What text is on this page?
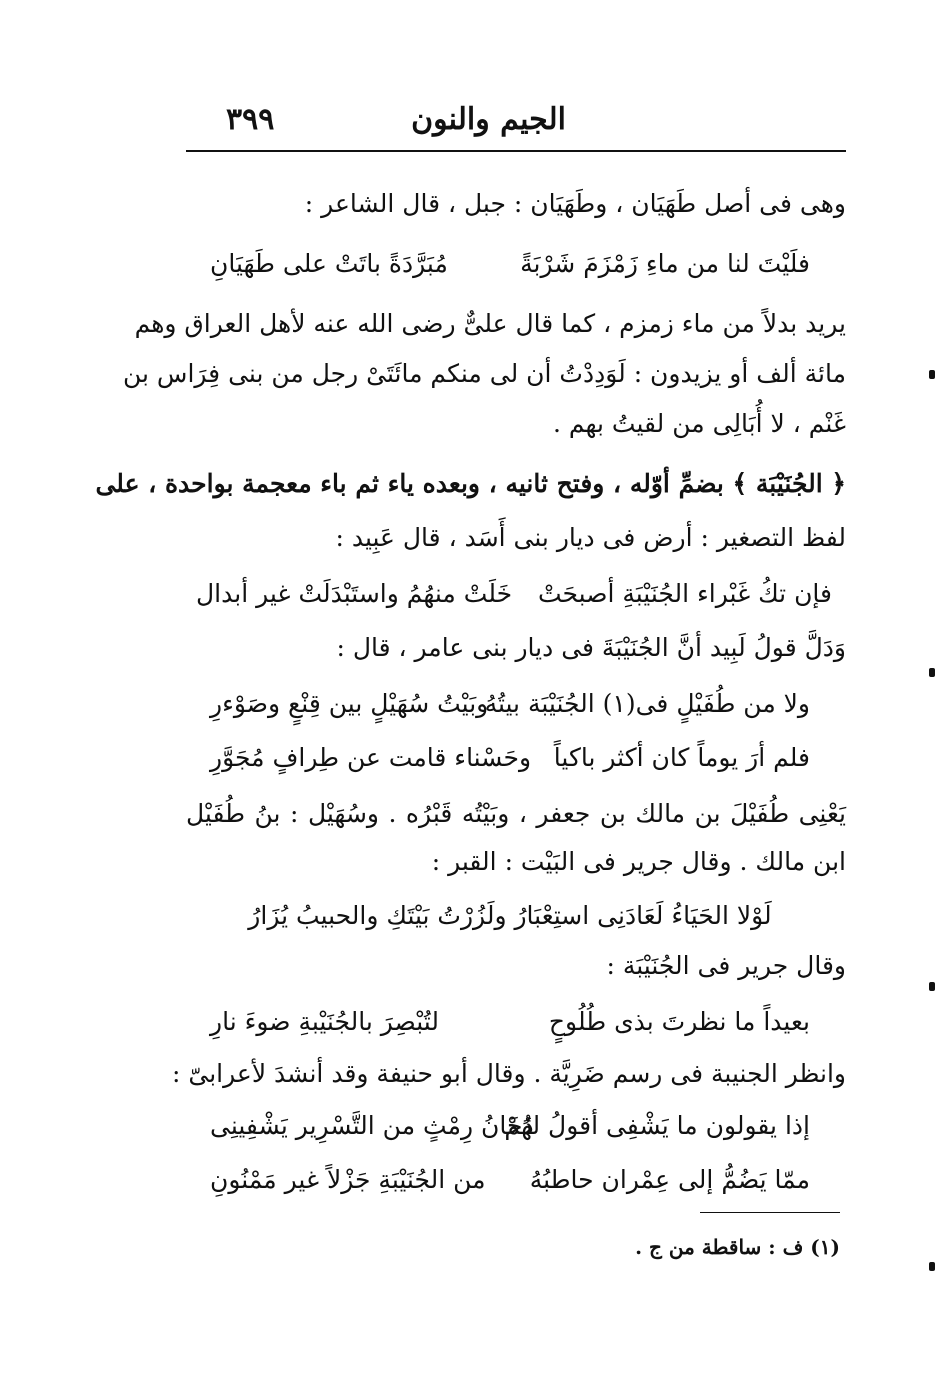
الجيم والنون
٣٩٩
وهى فى أصل طَهَيَان ، وطَهَيَان : جبل ، قال الشاعر :
فلَيْتَ لنا من ماءِ زَمْزَمَ شَرْبَةً
مُبَرَّدَةً باتَتْ على طَهَيَانِ
يريد بدلاً من ماء زمزم ، كما قال علىٌّ رضى الله عنه لأهل العراق وهم
مائة ألف أو يزيدون : لَوَدِدْتُ أن لى منكم مائَتَىْ رجل من بنى فِرَاس بن
غَنْم ، لا أُبَالِى من لقيتُ بهم .
﴿ الجُنَيْبَة ﴾ بضمِّ أوّله ، وفتح ثانيه ، وبعده ياء ثم باء معجمة بواحدة ، على
لفظ التصغير : أرض فى ديار بنى أَسَد ، قال عَبِيد :
فإن تكُ غَبْراء الجُنَيْبَةِ أصبحَتْ
خَلَتْ منهُمُ واستَبْدَلَتْ غير أبدال
وَدَلَّ قولُ لَبِيد أنَّ الجُنَيْبَةَ فى ديار بنى عامر ، قال :
ولا من طُفَيْلٍ فى(١) الجُنَيْبَة بيتُهُ
وبَيْتُ سُهَيْلٍ بين قِنْعٍ وصَوْءرِ
فلم أرَ يوماً كان أكثر باكياً
وحَسْناء قامت عن طِرافٍ مُجَوَّرِ
يَعْنِى طُفَيْلَ بن مالك بن جعفر ، وبَيْتُه قَبْرُه . وسُهَيْل : بنُ طُفَيْل
ابن مالك . وقال جرير فى البَيْت : القبر :
لَوْلا الحَيَاءُ لَعَادَنِى استِعْبَارُ ولَزُرْتُ بَيْتَكِ والحبيبُ يُزَارُ
وقال جرير فى الجُنَيْبَة :
بعيداً ما نظرتَ بذى طُلُوحٍ
لتُبْصِرَ بالجُنَيْبةِ ضوءَ نارِ
وانظر الجنيبة فى رسم ضَرِيَّة . وقال أبو حنيفة وقد أنشدَ لأعرابىّ :
إذا يقولون ما يَشْفِى أقولُ لهُمْ
دُخَانُ رِمْثٍ من التَّسْرِير يَشْفِينِى
ممّا يَضُمُّ إلى عِمْران حاطبُهُ
من الجُنَيْبَةِ جَزْلاً غير مَمْنُونِ
(١) ف : ساقطة من ج .
